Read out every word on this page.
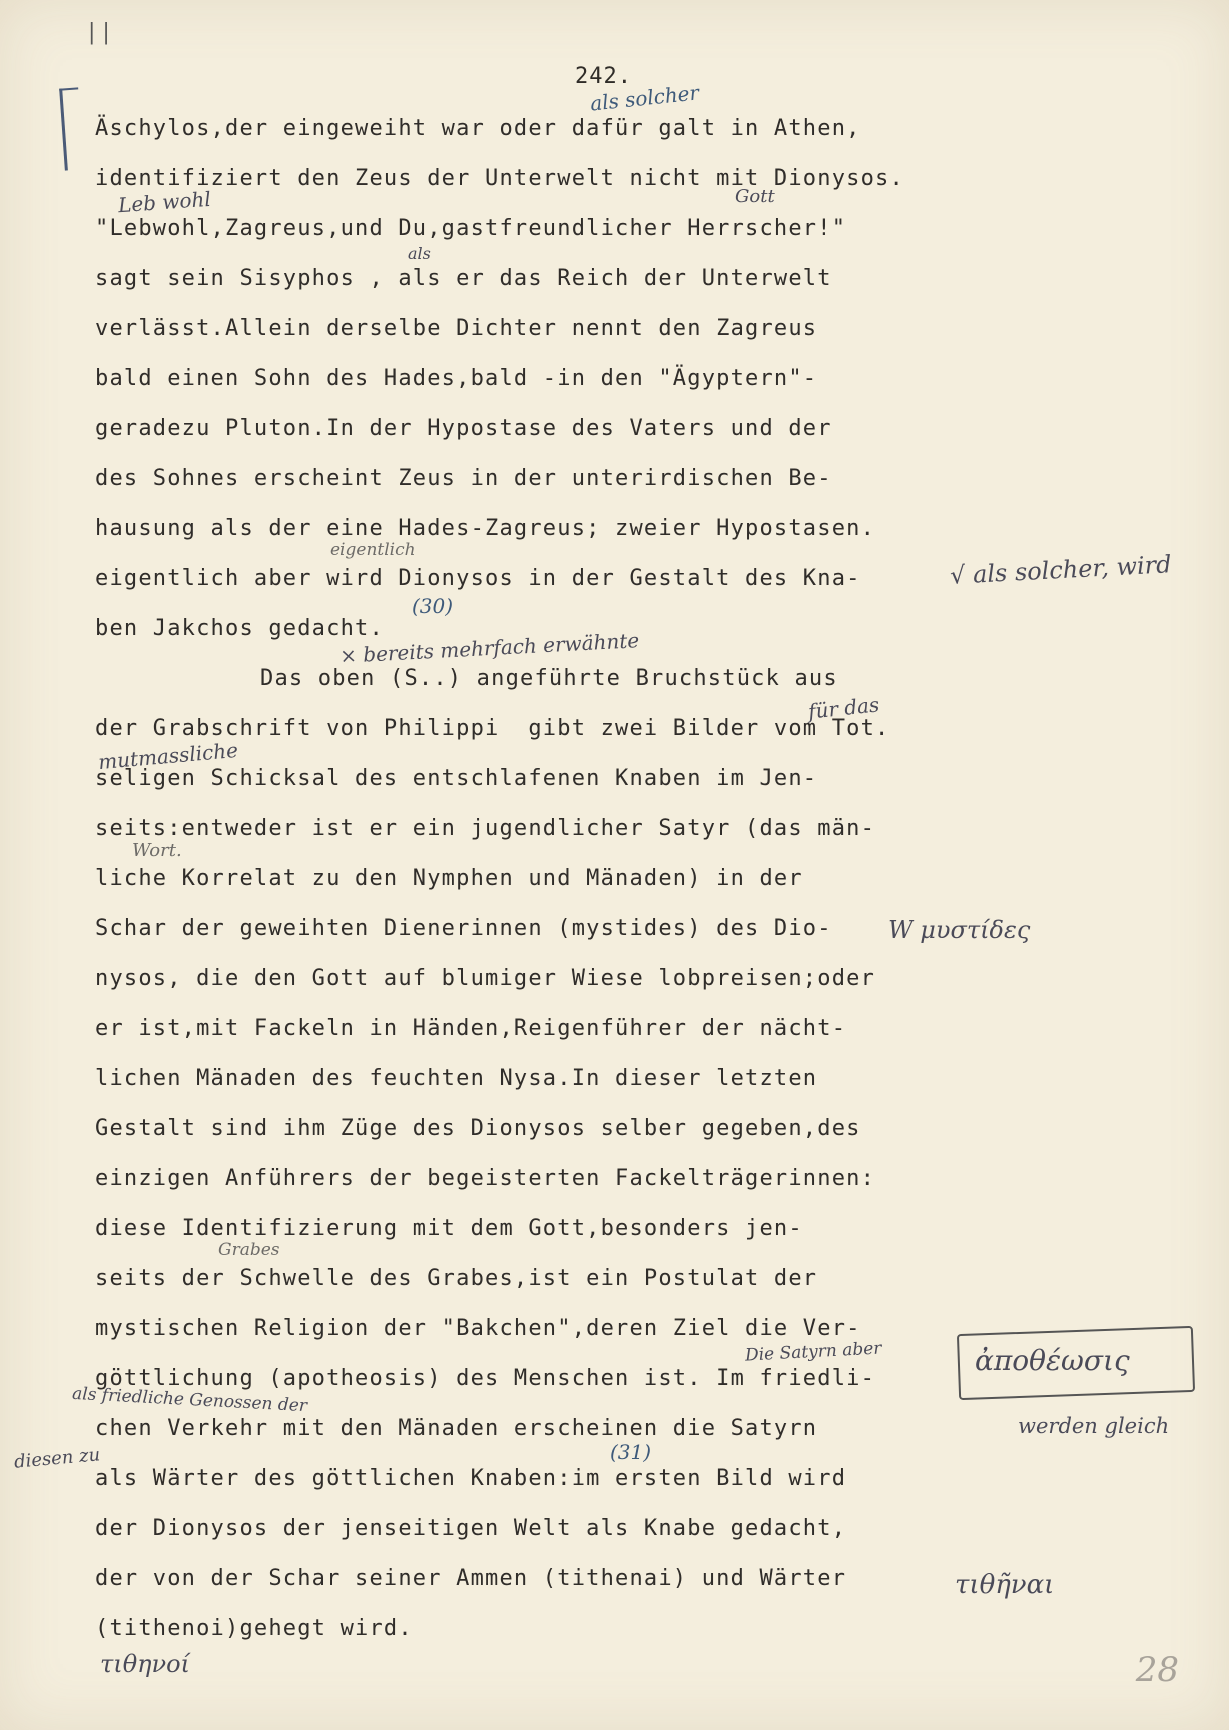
| |
242.
Äschylos,der eingeweiht war oder dafür galt in Athen,
identifiziert den Zeus der Unterwelt nicht mit Dionysos.
"Lebwohl,Zagreus,und Du,gastfreundlicher Herrscher!"
sagt sein Sisyphos , als er das Reich der Unterwelt
verlässt.Allein derselbe Dichter nennt den Zagreus
bald einen Sohn des Hades,bald -in den "Ägyptern"-
geradezu Pluton.In der Hypostase des Vaters und der
des Sohnes erscheint Zeus in der unterirdischen Be-
hausung als der eine Hades-Zagreus; zweier Hypostasen.
eigentlich aber wird Dionysos in der Gestalt des Kna-
ben Jakchos gedacht.
Das oben (S..) angeführte Bruchstück aus
der Grabschrift von Philippi  gibt zwei Bilder vom Tot.
seligen Schicksal des entschlafenen Knaben im Jen-
seits:entweder ist er ein jugendlicher Satyr (das män-
liche Korrelat zu den Nymphen und Mänaden) in der
Schar der geweihten Dienerinnen (mystides) des Dio-
nysos, die den Gott auf blumiger Wiese lobpreisen;oder
er ist,mit Fackeln in Händen,Reigenführer der nächt-
lichen Mänaden des feuchten Nysa.In dieser letzten
Gestalt sind ihm Züge des Dionysos selber gegeben,des
einzigen Anführers der begeisterten Fackelträgerinnen:
diese Identifizierung mit dem Gott,besonders jen-
seits der Schwelle des Grabes,ist ein Postulat der
mystischen Religion der "Bakchen",deren Ziel die Ver-
göttlichung (apotheosis) des Menschen ist. Im friedli-
chen Verkehr mit den Mänaden erscheinen die Satyrn
als Wärter des göttlichen Knaben:im ersten Bild wird
der Dionysos der jenseitigen Welt als Knabe gedacht,
der von der Schar seiner Ammen (tithenai) und Wärter
(tithenoi)gehegt wird.
als solcher
Leb wohl	Gott
als
eigentlich
(30)
× bereits mehrfach erwähnte
für das
mutmassliche
Wort.
√ als solcher, wird
W μυστίδες
Die Satyrn aber	ἀποθέωσις
als friedliche Genossen der
werden gleich
diesen zu	(31)
τιθῆναι
τιθηνοί
Grabes
28
